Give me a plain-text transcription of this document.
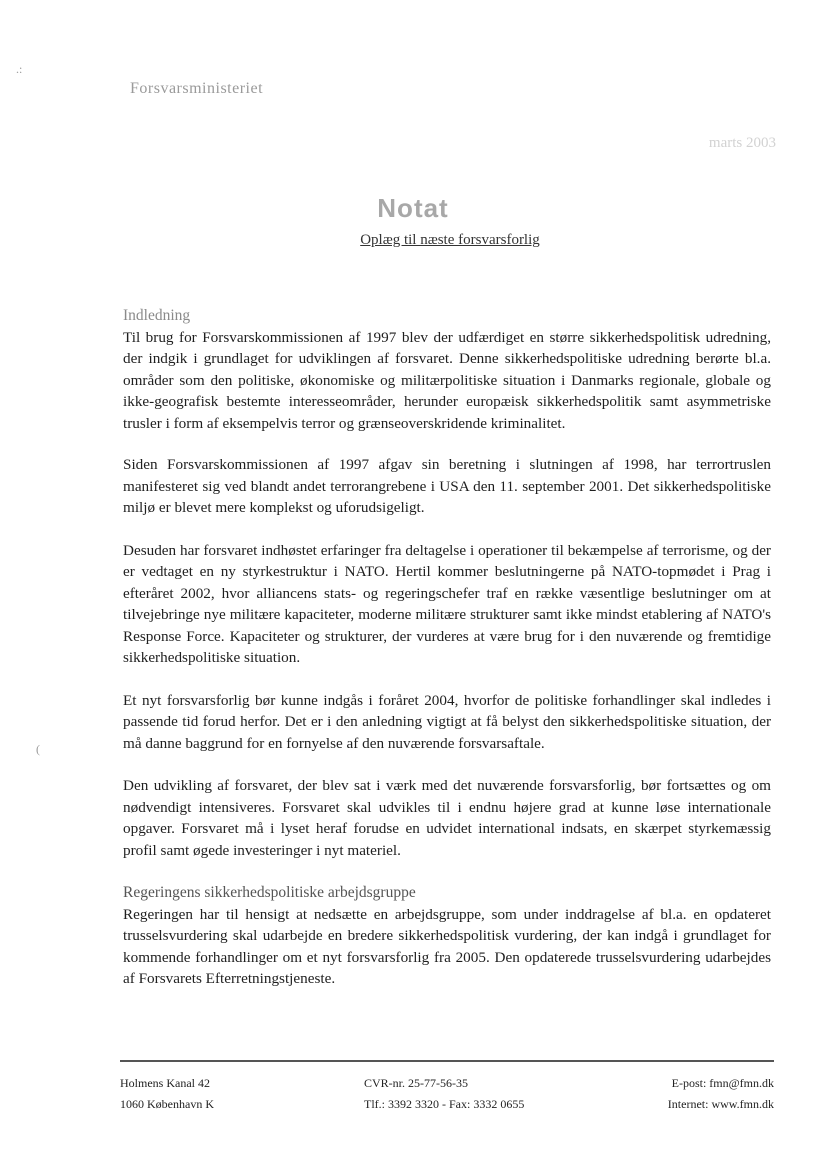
.:
(
Forsvarsministeriet
marts 2003
Notat
Oplæg til næste forsvarsforlig
Indledning

Til brug for Forsvarskommissionen af 1997 blev der udfærdiget en større sikkerhedspolitisk udredning, der indgik i grundlaget for udviklingen af forsvaret. Denne sikkerhedspolitiske udredning berørte bl.a. områder som den politiske, økonomiske og militærpolitiske situation i Danmarks regionale, globale og ikke-geografisk bestemte interesseområder, herunder europæisk sikkerhedspolitik samt asymmetriske trusler i form af eksempelvis terror og grænseoverskridende kriminalitet.

Siden Forsvarskommissionen af 1997 afgav sin beretning i slutningen af 1998, har terrortruslen manifesteret sig ved blandt andet terrorangrebene i USA den 11. september 2001. Det sikkerhedspolitiske miljø er blevet mere komplekst og uforudsigeligt.

Desuden har forsvaret indhøstet erfaringer fra deltagelse i operationer til bekæmpelse af terrorisme, og der er vedtaget en ny styrkestruktur i NATO. Hertil kommer beslutningerne på NATO-topmødet i Prag i efteråret 2002, hvor alliancens stats- og regeringschefer traf en række væsentlige beslutninger om at tilvejebringe nye militære kapaciteter, moderne militære strukturer samt ikke mindst etablering af NATO's Response Force. Kapaciteter og strukturer, der vurderes at være brug for i den nuværende og fremtidige sikkerhedspolitiske situation.

Et nyt forsvarsforlig bør kunne indgås i foråret 2004, hvorfor de politiske forhandlinger skal indledes i passende tid forud herfor. Det er i den anledning vigtigt at få belyst den sikkerhedspolitiske situation, der må danne baggrund for en fornyelse af den nuværende forsvarsaftale.

Den udvikling af forsvaret, der blev sat i værk med det nuværende forsvarsforlig, bør fortsættes og om nødvendigt intensiveres. Forsvaret skal udvikles til i endnu højere grad at kunne løse internationale opgaver. Forsvaret må i lyset heraf forudse en udvidet international indsats, en skærpet styrkemæssig profil samt øgede investeringer i nyt materiel.

Regeringens sikkerhedspolitiske arbejdsgruppe

Regeringen har til hensigt at nedsætte en arbejdsgruppe, som under inddragelse af bl.a. en opdateret trusselsvurdering skal udarbejde en bredere sikkerhedspolitisk vurdering, der kan indgå i grundlaget for kommende forhandlinger om et nyt forsvarsforlig fra 2005. Den opdaterede trusselsvurdering udarbejdes af Forsvarets Efterretningstjeneste.

Holmens Kanal 42
1060 København K
CVR-nr. 25-77-56-35
Tlf.: 3392 3320 - Fax: 3332 0655
E-post: fmn@fmn.dk
Internet: www.fmn.dk
